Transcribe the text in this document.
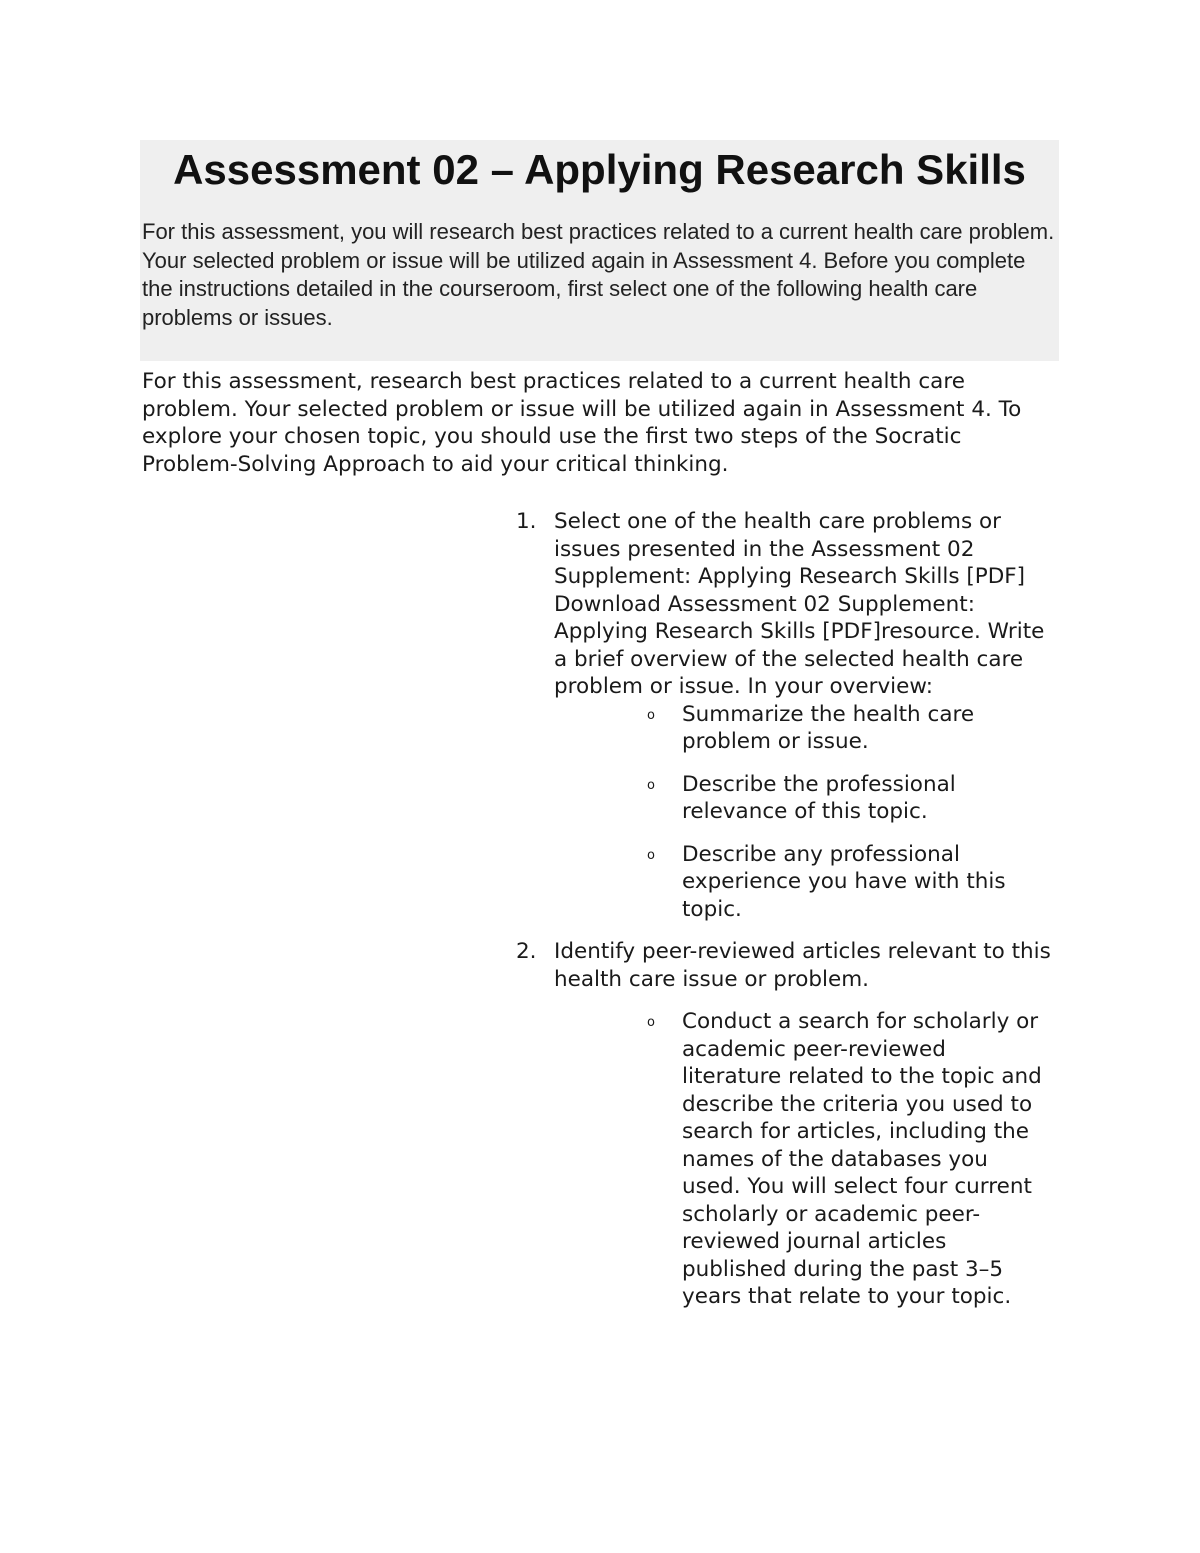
Assessment 02 – Applying Research Skills

For this assessment, you will research best practices related to a current health care problem.

Your selected problem or issue will be utilized again in Assessment 4. Before you complete the instructions detailed in the courseroom, first select one of the following health care problems or issues.

For this assessment, research best practices related to a current health care problem. Your selected problem or issue will be utilized again in Assessment 4. To explore your chosen topic, you should use the first two steps of the Socratic Problem-Solving Approach to aid your critical thinking.

1. Select one of the health care problems or issues presented in the Assessment 02 Supplement: Applying Research Skills [PDF] Download Assessment 02 Supplement: Applying Research Skills [PDF]resource. Write a brief overview of the selected health care problem or issue. In your overview:
o Summarize the health care problem or issue.
o Describe the professional relevance of this topic.
o Describe any professional experience you have with this topic.
2. Identify peer-reviewed articles relevant to this health care issue or problem.
o Conduct a search for scholarly or academic peer-reviewed literature related to the topic and describe the criteria you used to search for articles, including the names of the databases you used. You will select four current scholarly or academic peer-reviewed journal articles published during the past 3–5 years that relate to your topic.
